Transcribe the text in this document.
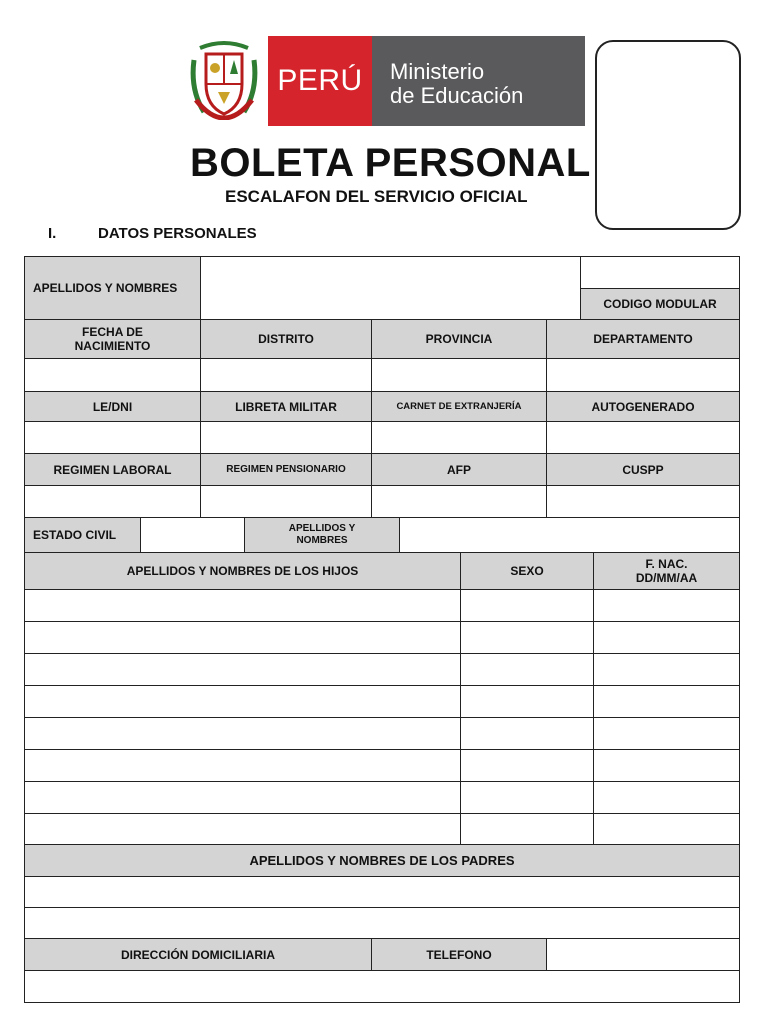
PERÚ	Ministerio
de Educación
BOLETA PERSONAL
ESCALAFON DEL SERVICIO OFICIAL
I.	DATOS PERSONALES
APELLIDOS Y NOMBRES
CODIGO MODULAR
FECHA DE
NACIMIENTO	DISTRITO	PROVINCIA	DEPARTAMENTO
LE/DNI	LIBRETA MILITAR	CARNET DE EXTRANJERÍA	AUTOGENERADO
REGIMEN LABORAL	REGIMEN PENSIONARIO	AFP	CUSPP
ESTADO CIVIL	APELLIDOS Y
NOMBRES
APELLIDOS Y NOMBRES DE LOS HIJOS	SEXO	F. NAC.
DD/MM/AA
APELLIDOS Y NOMBRES DE LOS PADRES
DIRECCIÓN DOMICILIARIA	TELEFONO
